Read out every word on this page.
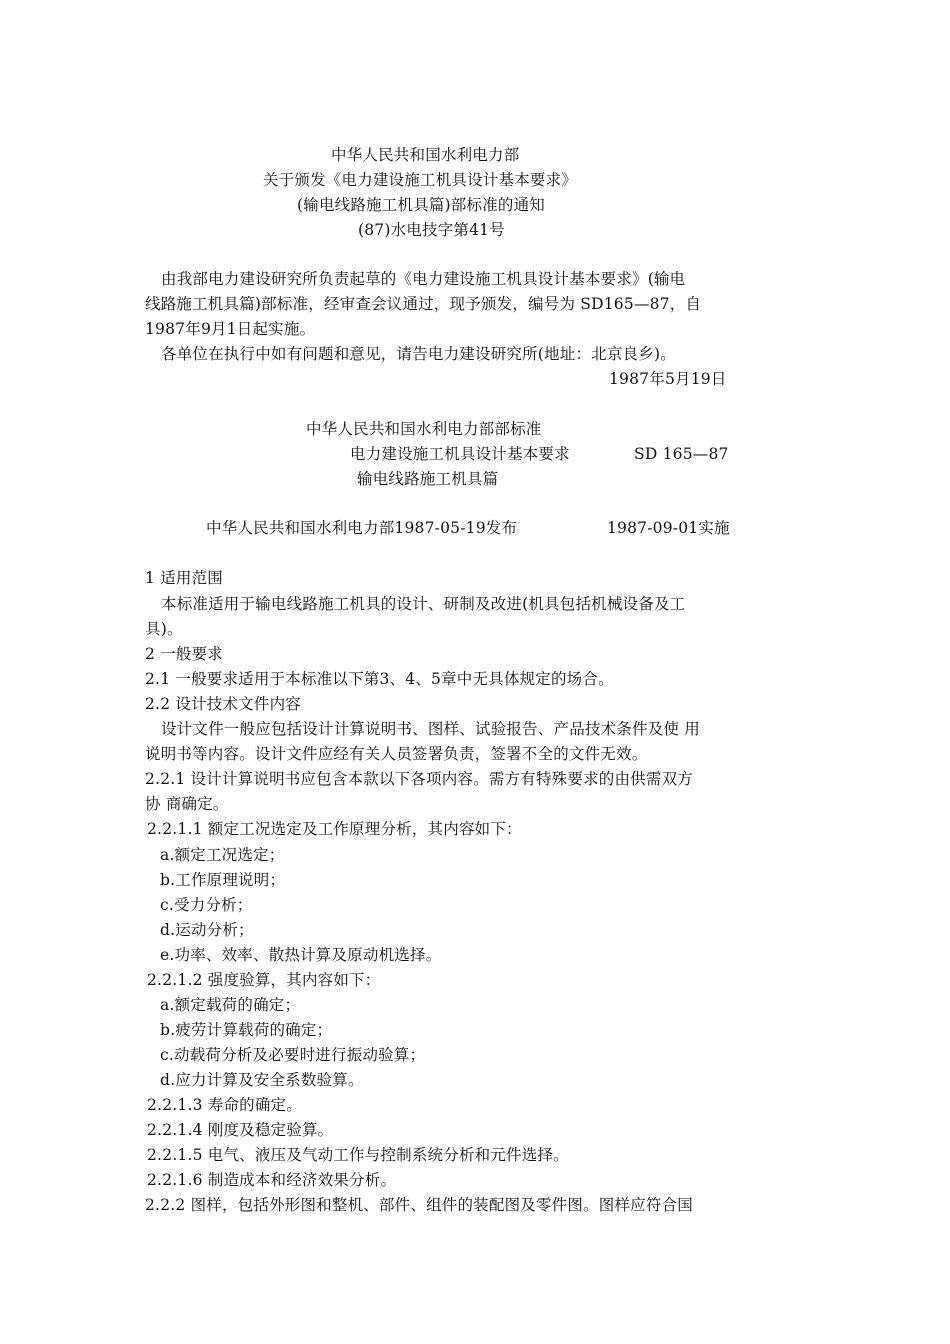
中华人民共和国水利电力部
关于颁发《电力建设施工机具设计基本要求》
(输电线路施工机具篇)部标准的通知
(87)水电技字第41号
由我部电力建设研究所负责起草的《电力建设施工机具设计基本要求》(输电
线路施工机具篇)部标准，经审查会议通过，现予颁发，编号为 SD165—87，自
1987年9月1日起实施。
各单位在执行中如有问题和意见，请告电力建设研究所(地址：北京良乡)。
1987年5月19日
中华人民共和国水利电力部部标准
电力建设施工机具设计基本要求	SD 165—87
输电线路施工机具篇
中华人民共和国水利电力部1987-05-19发布	1987-09-01实施
1 适用范围
本标准适用于输电线路施工机具的设计、研制及改进(机具包括机械设备及工
具)。
2 一般要求
2.1 一般要求适用于本标准以下第3、4、5章中无具体规定的场合。
2.2 设计技术文件内容
设计文件一般应包括设计计算说明书、图样、试验报告、产品技术条件及使 用
说明书等内容。设计文件应经有关人员签署负责，签署不全的文件无效。
2.2.1 设计计算说明书应包含本款以下各项内容。需方有特殊要求的由供需双方
协 商确定。
2.2.1.1 额定工况选定及工作原理分析，其内容如下：
a.额定工况选定；
b.工作原理说明；
c.受力分析；
d.运动分析；
e.功率、效率、散热计算及原动机选择。
2.2.1.2 强度验算，其内容如下：
a.额定载荷的确定；
b.疲劳计算载荷的确定；
c.动载荷分析及必要时进行振动验算；
d.应力计算及安全系数验算。
2.2.1.3 寿命的确定。
2.2.1.4 刚度及稳定验算。
2.2.1.5 电气、液压及气动工作与控制系统分析和元件选择。
2.2.1.6 制造成本和经济效果分析。
2.2.2 图样，包括外形图和整机、部件、组件的装配图及零件图。图样应符合国
